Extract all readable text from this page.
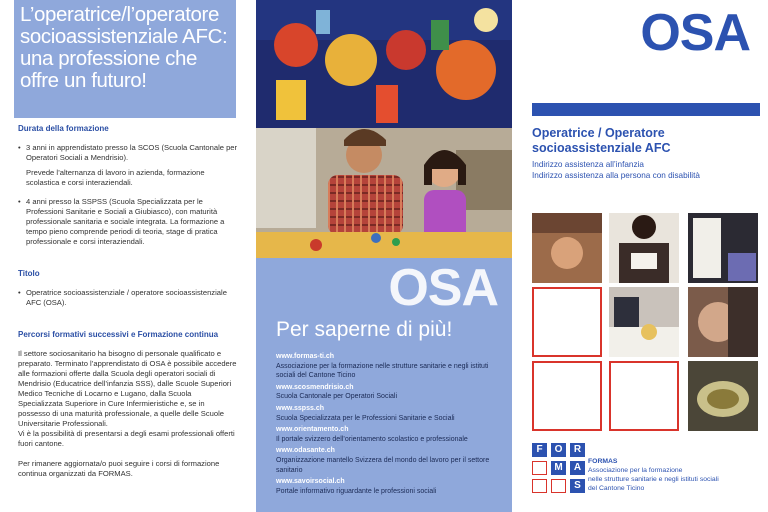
L’operatrice/l’operatore
socioassistenziale AFC:
una professione che
offre un futuro!
Durata della formazione
• 3 anni in apprendistato presso la SCOS (Scuola Cantonale per Operatori Sociali a Mendrisio).
Prevede l’alternanza di lavoro in azienda, formazione scolastica e corsi interaziendali.
• 4 anni presso la SSPSS (Scuola Specializzata per le Professioni Sanitarie e Sociali a Giubiasco), con maturità professionale sanitaria e sociale integrata. La formazione a tempo pieno comprende periodi di teoria, stage di pratica professionale e corsi interaziendali.
Titolo
• Operatrice socioassistenziale / operatore socioassistenziale AFC (OSA).
Percorsi formativi successivi e Formazione continua
Il settore sociosanitario ha bisogno di personale qualificato e preparato. Terminato l’apprendistato di OSA è possibile accedere alle formazioni offerte dalla Scuola degli operatori sociali di Mendrisio (Educatrice dell’infanzia SSS), dalle Scuole Superiori Medico Tecniche di Locarno e Lugano, dalla Scuola Specializzata Superiore in Cure Infermieristiche e, se in possesso di una maturità professionale, a quelle delle Scuole Universitarie Professionali.
Vi è la possibilità di presentarsi a degli esami professionali offerti fuori cantone.
Per rimanere aggiornata/o puoi seguire i corsi di formazione continua organizzati da FORMAS.
OSA
Per saperne di più!
www.formas-ti.ch
Associazione per la formazione nelle strutture sanitarie e negli istituti sociali del Cantone Ticino
www.scosmendrisio.ch
Scuola Cantonale per Operatori Sociali
www.sspss.ch
Scuola Specializzata per le Professioni Sanitarie e Sociali
www.orientamento.ch
Il portale svizzero dell’orientamento scolastico e professionale
www.odasante.ch
Organizzazione mantello Svizzera del mondo del lavoro per il settore sanitario
www.savoirsocial.ch
Portale informativo riguardante le professioni sociali
OSA
Operatrice / Operatore
socioassistenziale AFC
Indirizzo assistenza all’infanzia
Indirizzo assistenza alla persona con disabilità
F	O	R
M	A
S
FORMAS
Associazione per la formazione
nelle strutture sanitarie e negli istituti sociali
del Cantone Ticino
